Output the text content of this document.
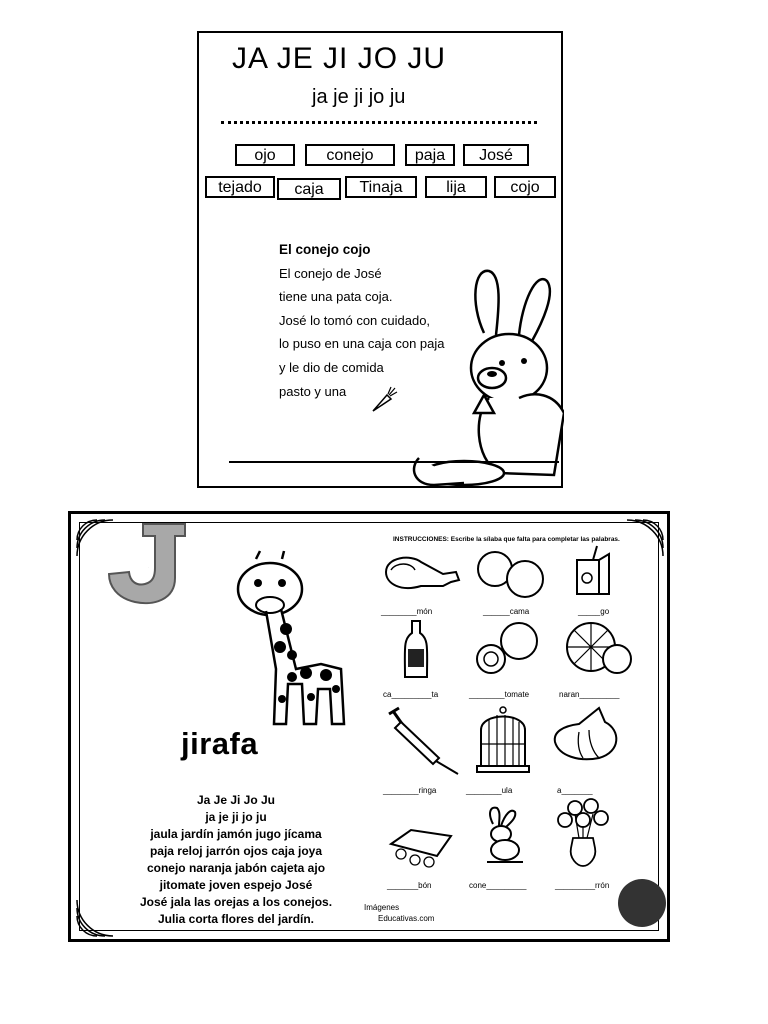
JA JE JI JO JU
ja je ji jo ju
ojo	conejo	paja	José
tejado	caja	Tinaja	lija	cojo
El conejo cojo
El conejo de José
tiene una pata coja.
José lo tomó con cuidado,
lo puso en una caja con paja
y le dio de comida
pasto y una
J
jirafa
Ja Je Ji Jo Ju
ja je ji jo ju
jaula jardín jamón jugo jícama
paja reloj jarrón ojos caja joya
conejo naranja jabón cajeta ajo
jitomate joven espejo José
José jala las orejas a los conejos.
Julia corta flores del jardín.
INSTRUCCIONES: Escribe la sílaba que falta para completar las palabras.
________món	______cama	_____go
ca_________ta	________tomate	naran_________
________ringa	________ula	a_______
_______bón	cone_________	_________rrón
Imágenes
Educativas.com
